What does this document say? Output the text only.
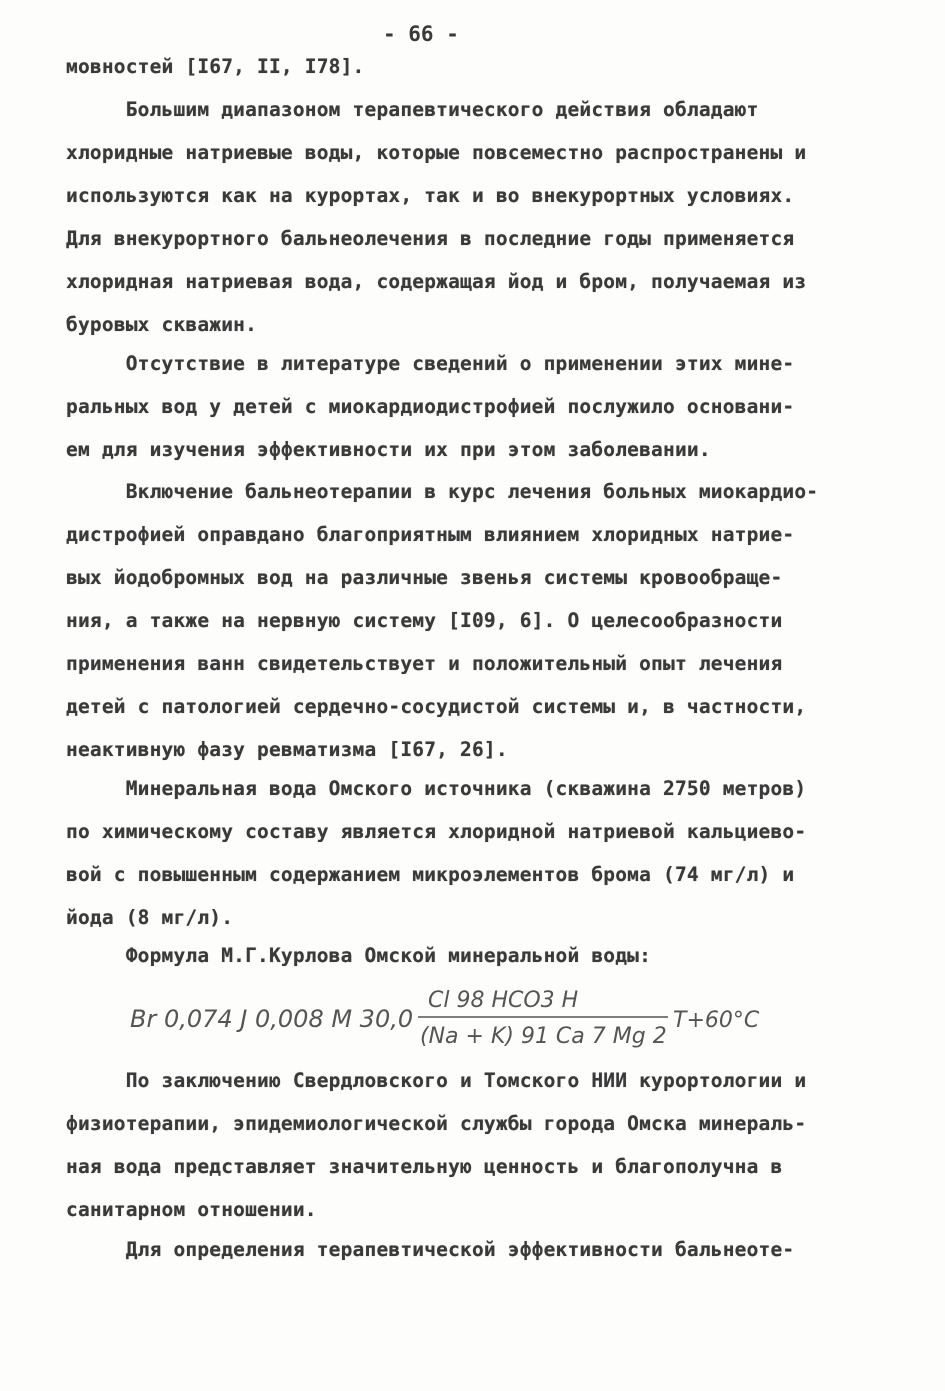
- 66 -
мовностей [I67, II, I78].
Большим диапазоном терапевтического действия обладают
хлоридные натриевые воды, которые повсеместно распространены и
используются как на курортах, так и во внекурортных условиях.
Для внекурортного бальнеолечения в последние годы применяется
хлоридная натриевая вода, содержащая йод и бром, получаемая из
буровых скважин.
Отсутствие в литературе сведений о применении этих мине-
ральных вод у детей с миокардиодистрофией послужило основани-
ем для изучения эффективности их при этом заболевании.
Включение бальнеотерапии в курс лечения больных миокардио-
дистрофией оправдано благоприятным влиянием хлоридных натрие-
вых йодобромных вод на различные звенья системы кровообраще-
ния, а также на нервную систему [I09, 6]. О целесообразности
применения ванн свидетельствует и положительный опыт лечения
детей с патологией сердечно-сосудистой системы и, в частности,
неактивную фазу ревматизма [I67, 26].
Минеральная вода Омского источника (скважина 2750 метров)
по химическому составу является хлоридной натриевой кальциево-
вой с повышенным содержанием микроэлементов брома (74 мг/л) и
йода (8 мг/л).
Формула М.Г.Курлова Омской минеральной воды:
По заключению Свердловского и Томского НИИ курортологии и
физиотерапии, эпидемиологической службы города Омска минераль-
ная вода представляет значительную ценность и благополучна в
санитарном отношении.
Для определения терапевтической эффективности бальнеоте-
Br 0,074 J 0,008 M 30,0
Cl 98 HCO3 H
(Na + K) 91 Ca 7 Mg 2
T+60°C
